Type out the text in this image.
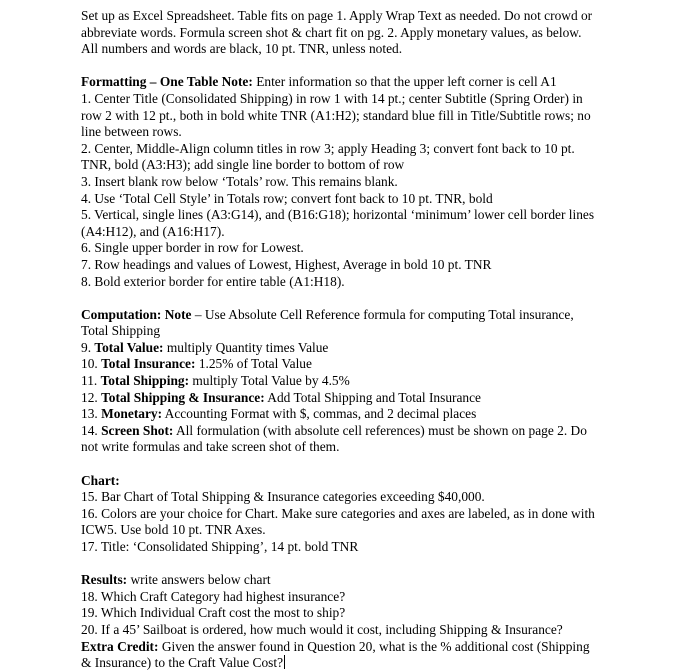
Set up as Excel Spreadsheet. Table fits on page 1. Apply Wrap Text as needed. Do not crowd or
abbreviate words. Formula screen shot & chart fit on pg. 2. Apply monetary values, as below.
All numbers and words are black, 10 pt. TNR, unless noted.
Formatting – One Table Note: Enter information so that the upper left corner is cell A1
1. Center Title (Consolidated Shipping) in row 1 with 14 pt.; center Subtitle (Spring Order) in
row 2 with 12 pt., both in bold white TNR (A1:H2); standard blue fill in Title/Subtitle rows; no
line between rows.
2. Center, Middle-Align column titles in row 3; apply Heading 3; convert font back to 10 pt.
TNR, bold (A3:H3); add single line border to bottom of row
3. Insert blank row below ‘Totals’ row. This remains blank.
4. Use ‘Total Cell Style’ in Totals row; convert font back to 10 pt. TNR, bold
5. Vertical, single lines (A3:G14), and (B16:G18); horizontal ‘minimum’ lower cell border lines
(A4:H12), and (A16:H17).
6. Single upper border in row for Lowest.
7. Row headings and values of Lowest, Highest, Average in bold 10 pt. TNR
8. Bold exterior border for entire table (A1:H18).
Computation: Note – Use Absolute Cell Reference formula for computing Total insurance,
Total Shipping
9. Total Value: multiply Quantity times Value
10. Total Insurance: 1.25% of Total Value
11. Total Shipping: multiply Total Value by 4.5%
12. Total Shipping & Insurance: Add Total Shipping and Total Insurance
13. Monetary: Accounting Format with $, commas, and 2 decimal places
14. Screen Shot: All formulation (with absolute cell references) must be shown on page 2. Do
not write formulas and take screen shot of them.
Chart:
15. Bar Chart of Total Shipping & Insurance categories exceeding $40,000.
16. Colors are your choice for Chart. Make sure categories and axes are labeled, as in done with
ICW5. Use bold 10 pt. TNR Axes.
17. Title: ‘Consolidated Shipping’, 14 pt. bold TNR
Results: write answers below chart
18. Which Craft Category had highest insurance?
19. Which Individual Craft cost the most to ship?
20. If a 45’ Sailboat is ordered, how much would it cost, including Shipping & Insurance?
Extra Credit: Given the answer found in Question 20, what is the % additional cost (Shipping
& Insurance) to the Craft Value Cost?
